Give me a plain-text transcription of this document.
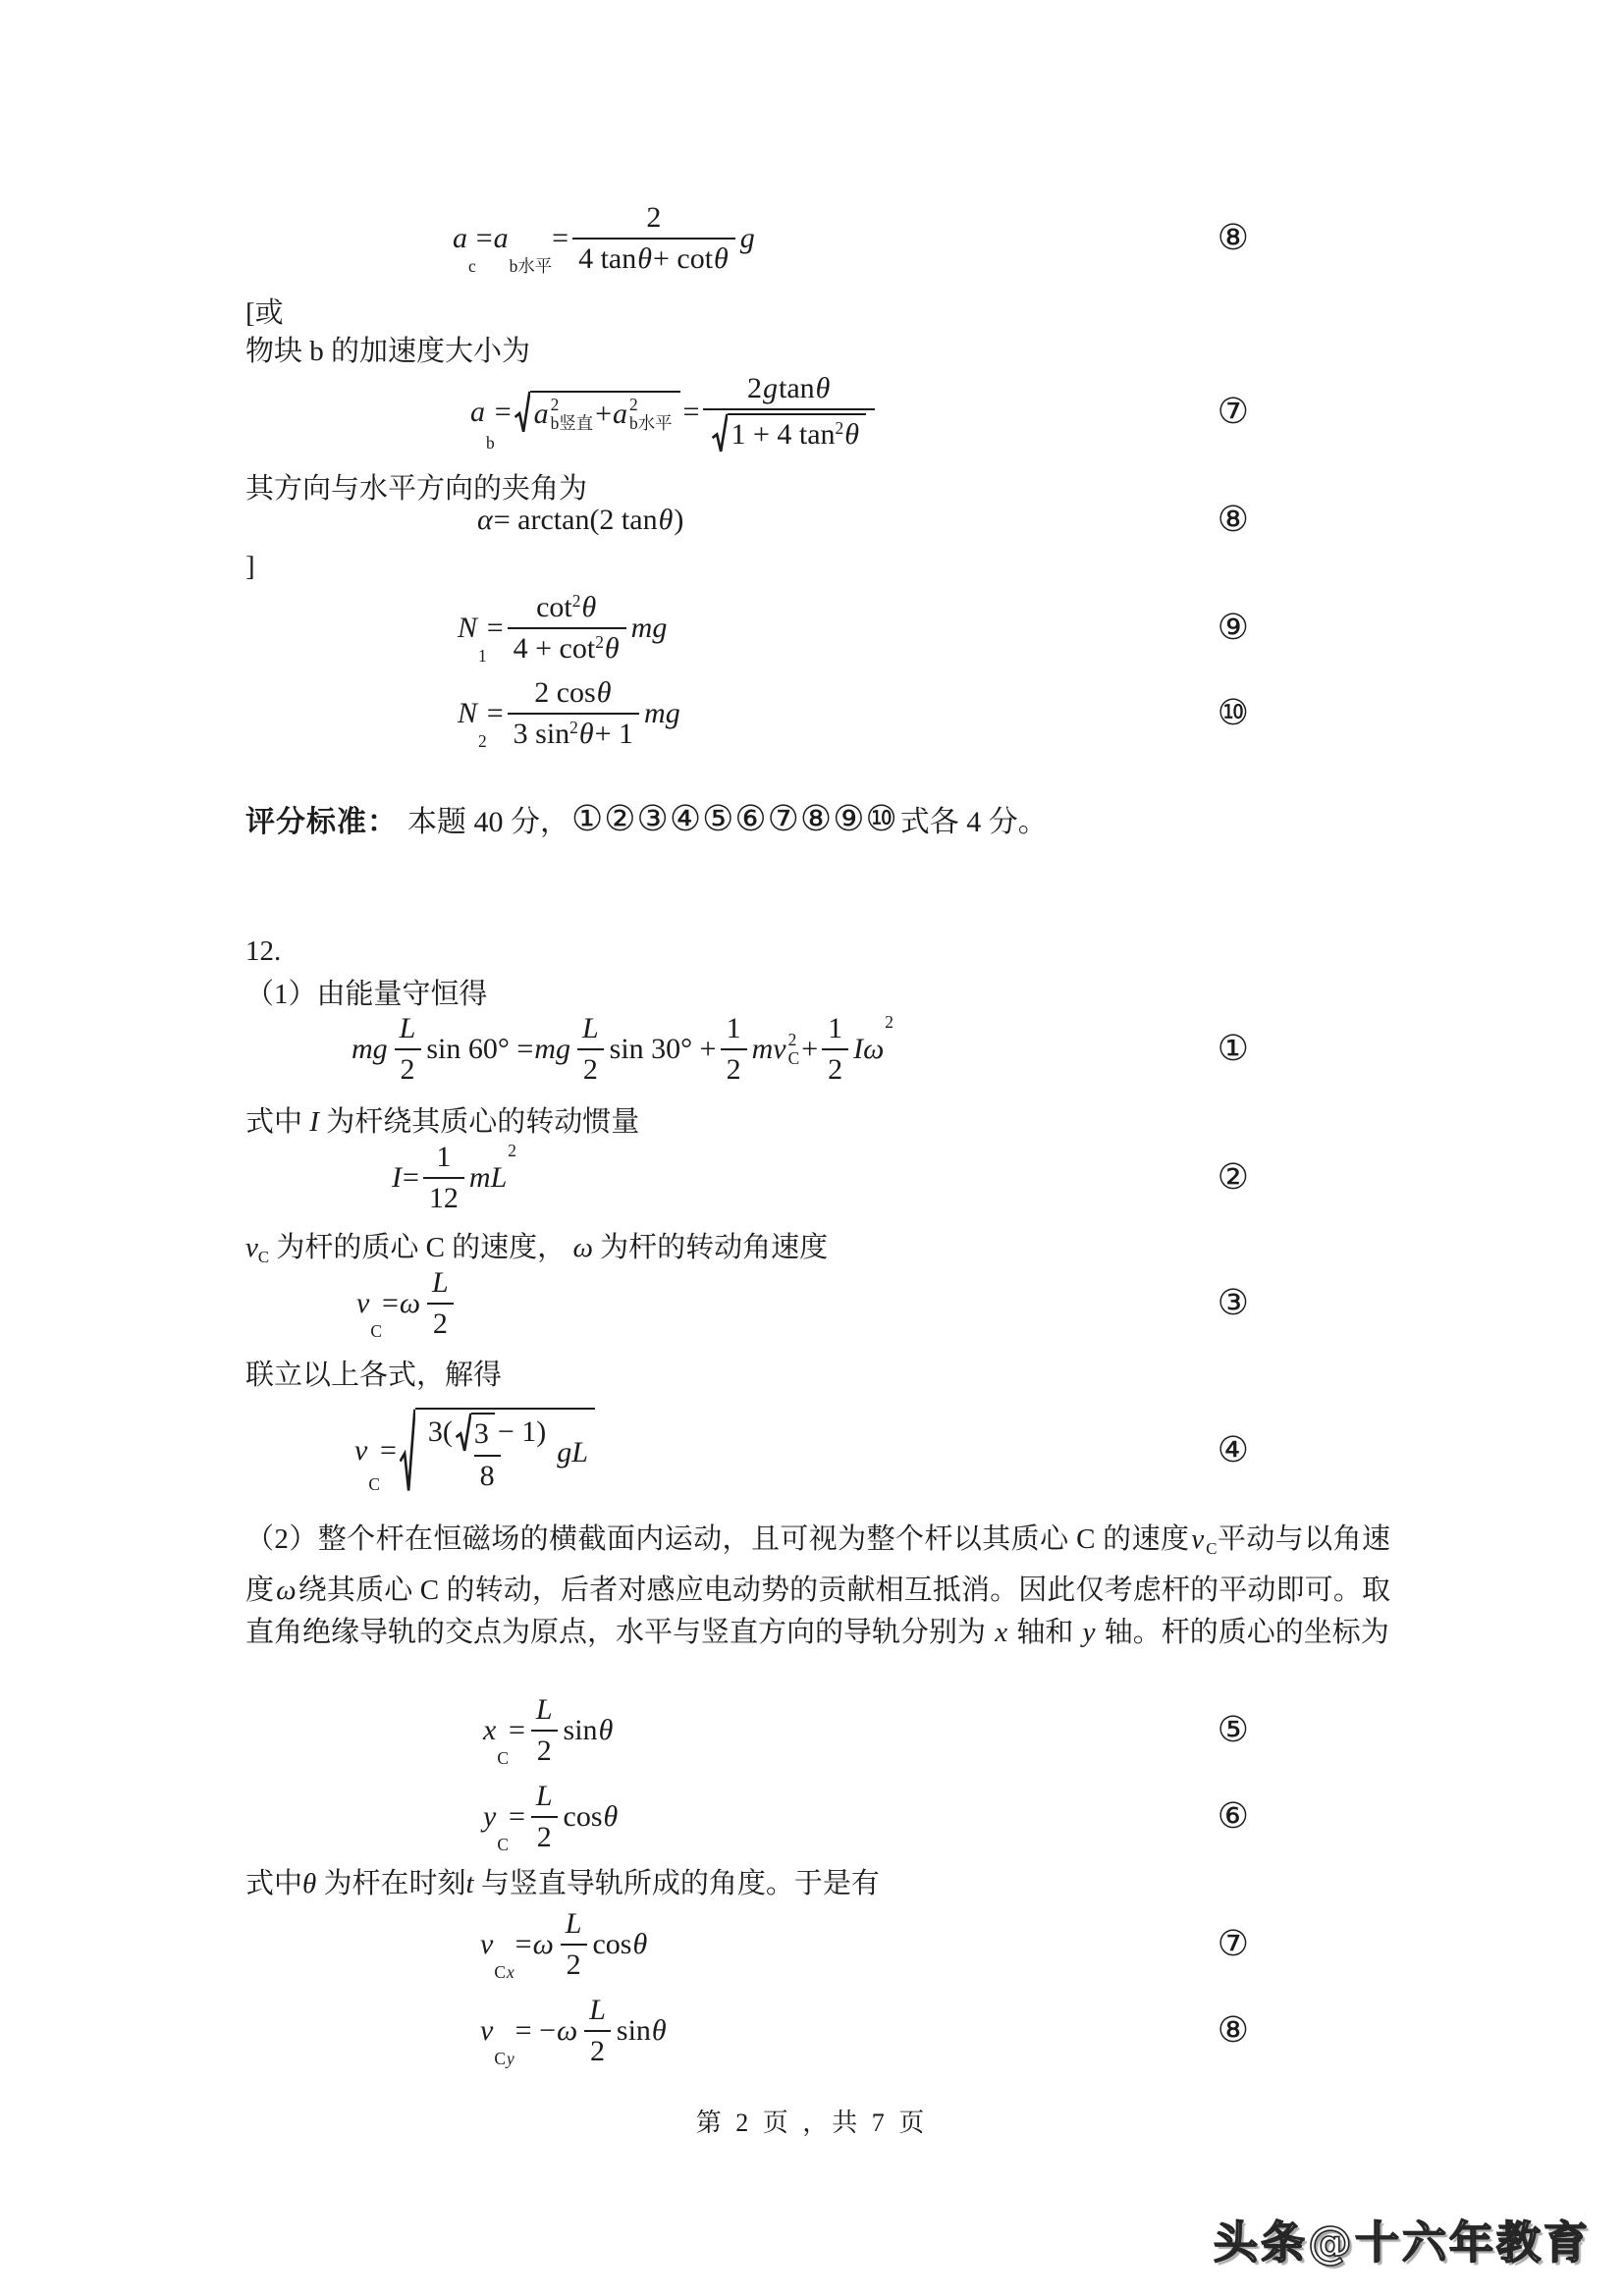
a
c
= a
b水平
= $\frac{2}{\text{4 tan θ + cot θ}}$ g	⑧
[或
物块 b 的加速度大小为
a
b
= a 2
b竖直 + a 2
b水平 = $\frac{\text{2 g tan θ}}{1 + 4 \tan 2 \theta}$	⑦
其方向与水平方向的夹角为
α = arctan(2 tan θ )	⑧
]
N
1
= $\frac{\cot 2 \theta}{4 + \cot 2 \theta}$ mg	⑨
N
2
= $\frac{\text{2 cos θ}}{3 \sin 2 \theta + 1}$ mg	⑩
评分标准： 本题 40 分， ①②③④⑤⑥⑦⑧⑨⑩ 式各 4 分。
12.
（1）由能量守恒得
mg $\frac{L}{2}$ sin 60° = mg $\frac{L}{2}$ $\sin 30^\circ + \frac{1}{2}$ mv 2
$C + \frac{1}{2}$ Iω
2
①
式中 I 为杆绕其质心的转动惯量
$I = \frac{1}{12}$ mL
2
②
$v_C$ 为杆的质心 C 的速度， ω 为杆的转动角速度
v
C
= ω $\frac{L}{2}$	③
联立以上各式，解得
v
C
= $\frac{3( 3 - 1)}{8}$ gL	④
（2）整个杆在恒磁场的横截面内运动，且可视为整个杆以其质心 C 的速度v $_C$平动与以角速度ω绕其质心 C 的转动，后者对感应电动势的贡献相互抵消。因此仅考虑杆的平动即可。取直角绝缘导轨的交点为原点，水平与竖直方向的导轨分别为 x 轴和 y 轴。杆的质心的坐标为
x
C
= $\frac{L}{2}$ sin θ	⑤
y
C
= $\frac{L}{2}$ cos θ	⑥
式中θ 为杆在时刻t 与竖直导轨所成的角度。于是有
v
Cx
= ω $\frac{L}{2}$ cos θ	⑦
v
Cy
= − ω $\frac{L}{2}$ sin θ	⑧
第 2 页 ，共 7 页
头条@十六年教育
